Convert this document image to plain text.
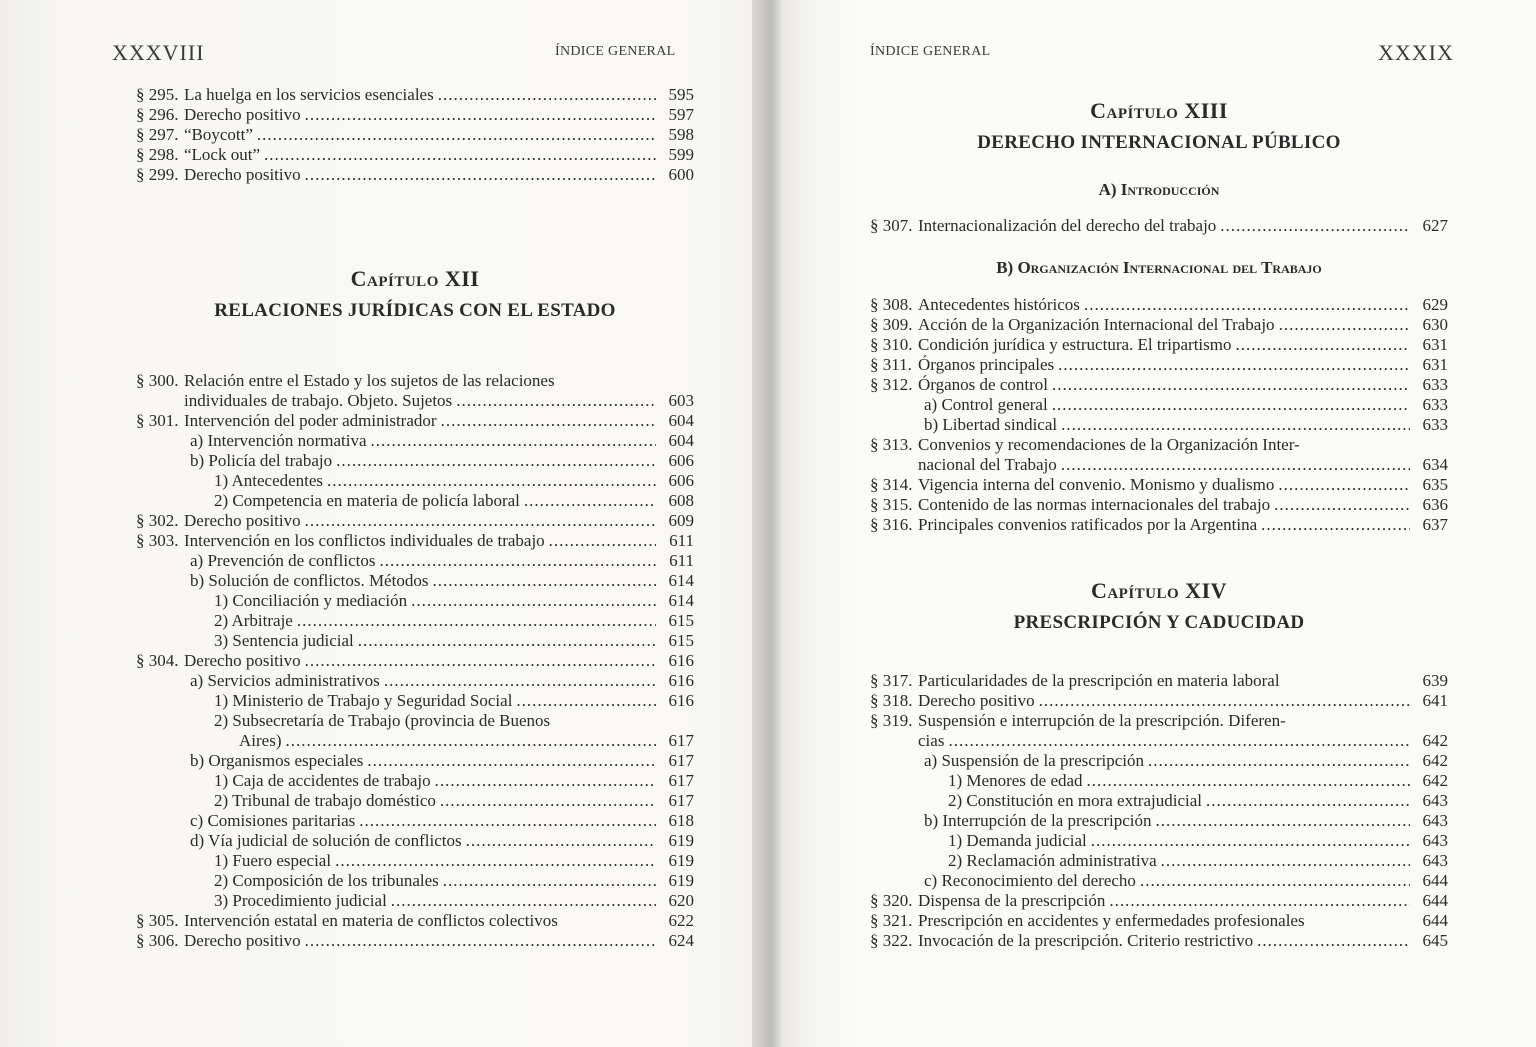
XXXVIII	ÍNDICE GENERAL
§ 295. La huelga en los servicios esenciales .....	595
§ 296. Derecho positivo .....	597
§ 297. “Boycott” .....	598
§ 298. “Lock out” .....	599
§ 299. Derecho positivo .....	600
Capítulo XII
RELACIONES JURÍDICAS CON EL ESTADO
§ 300. Relación entre el Estado y los sujetos de las relaciones
individuales de trabajo. Objeto. Sujetos .....	603
§ 301. Intervención del poder administrador .....	604
a) Intervención normativa .....	604
b) Policía del trabajo .....	606
1) Antecedentes .....	606
2) Competencia en materia de policía laboral .....	608
§ 302. Derecho positivo .....	609
§ 303. Intervención en los conflictos individuales de trabajo .....	611
a) Prevención de conflictos .....	611
b) Solución de conflictos. Métodos .....	614
1) Conciliación y mediación .....	614
2) Arbitraje .....	615
3) Sentencia judicial .....	615
§ 304. Derecho positivo .....	616
a) Servicios administrativos .....	616
1) Ministerio de Trabajo y Seguridad Social .....	616
2) Subsecretaría de Trabajo (provincia de Buenos
Aires) .....	617
b) Organismos especiales .....	617
1) Caja de accidentes de trabajo .....	617
2) Tribunal de trabajo doméstico .....	617
c) Comisiones paritarias .....	618
d) Vía judicial de solución de conflictos .....	619
1) Fuero especial .....	619
2) Composición de los tribunales .....	619
3) Procedimiento judicial .....	620
§ 305. Intervención estatal en materia de conflictos colectivos	622
§ 306. Derecho positivo .....	624
ÍNDICE GENERAL	XXXIX
Capítulo XIII
DERECHO INTERNACIONAL PÚBLICO
A) Introducción
§ 307. Internacionalización del derecho del trabajo .....	627
B) Organización Internacional del Trabajo
§ 308. Antecedentes históricos .....	629
§ 309. Acción de la Organización Internacional del Trabajo .....	630
§ 310. Condición jurídica y estructura. El tripartismo .....	631
§ 311. Órganos principales .....	631
§ 312. Órganos de control .....	633
a) Control general .....	633
b) Libertad sindical .....	633
§ 313. Convenios y recomendaciones de la Organización Inter-
nacional del Trabajo .....	634
§ 314. Vigencia interna del convenio. Monismo y dualismo .....	635
§ 315. Contenido de las normas internacionales del trabajo .....	636
§ 316. Principales convenios ratificados por la Argentina .....	637
Capítulo XIV
PRESCRIPCIÓN Y CADUCIDAD
§ 317. Particularidades de la prescripción en materia laboral	639
§ 318. Derecho positivo .....	641
§ 319. Suspensión e interrupción de la prescripción. Diferen-
cias .....	642
a) Suspensión de la prescripción .....	642
1) Menores de edad .....	642
2) Constitución en mora extrajudicial .....	643
b) Interrupción de la prescripción .....	643
1) Demanda judicial .....	643
2) Reclamación administrativa .....	643
c) Reconocimiento del derecho .....	644
§ 320. Dispensa de la prescripción .....	644
§ 321. Prescripción en accidentes y enfermedades profesionales	644
§ 322. Invocación de la prescripción. Criterio restrictivo .....	645
